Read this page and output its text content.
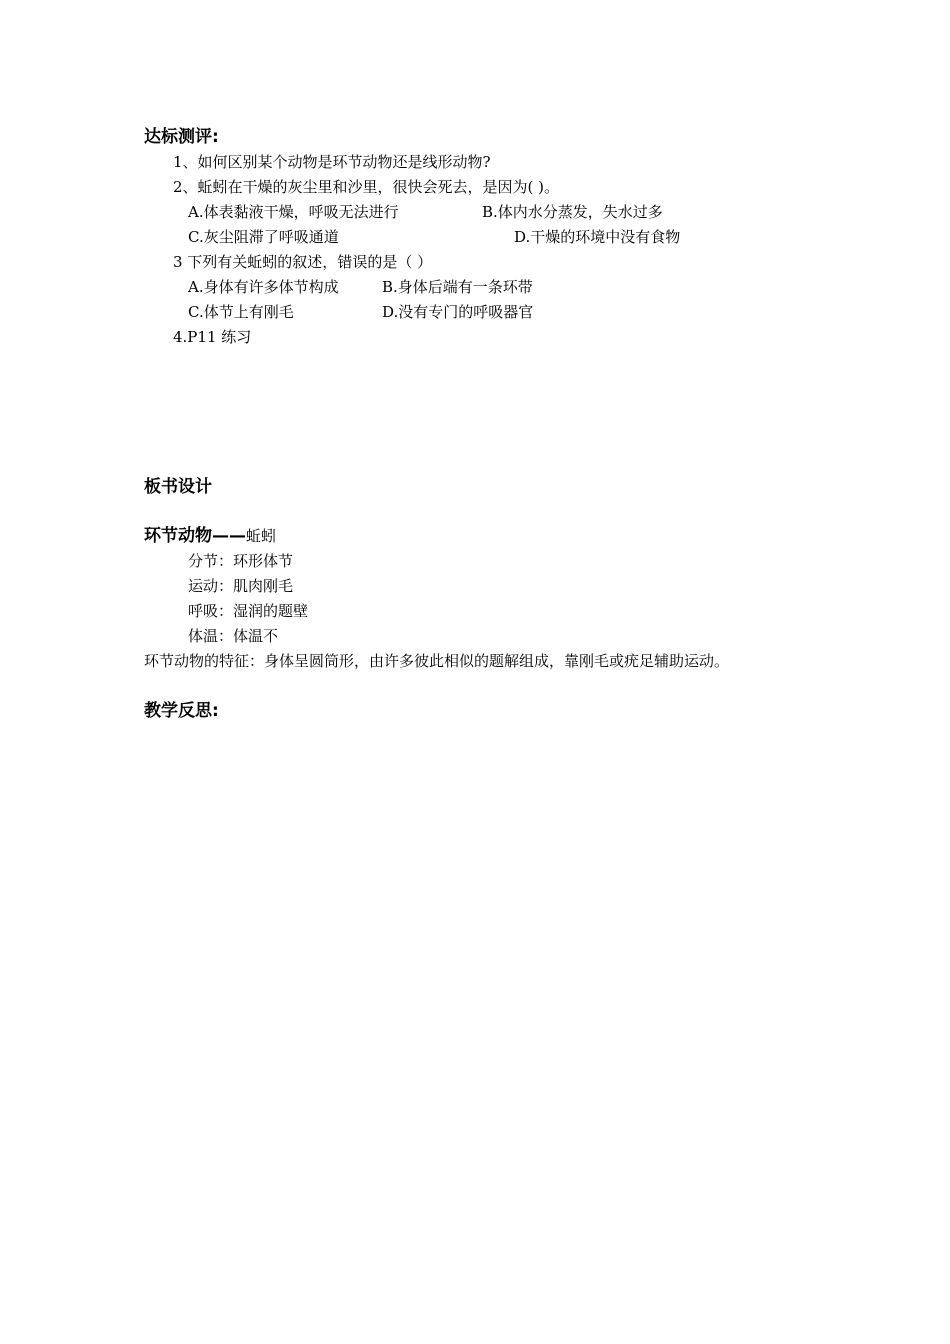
达标测评:
1、如何区别某个动物是环节动物还是线形动物?
2、蚯蚓在干燥的灰尘里和沙里，很快会死去，是因为( )。
A.体表黏液干燥，呼吸无法进行	B.体内水分蒸发，失水过多
C.灰尘阻滞了呼吸通道	D.干燥的环境中没有食物
3 下列有关蚯蚓的叙述，错误的是（ ）
A.身体有许多体节构成	B.身体后端有一条环带
C.体节上有刚毛	D.没有专门的呼吸器官
4.P11 练习
板书设计
环节动物——蚯蚓
分节：环形体节
运动：肌肉刚毛
呼吸：湿润的题壁
体温：体温不
环节动物的特征：身体呈圆筒形，由许多彼此相似的题解组成，靠刚毛或疣足辅助运动。
教学反思:
